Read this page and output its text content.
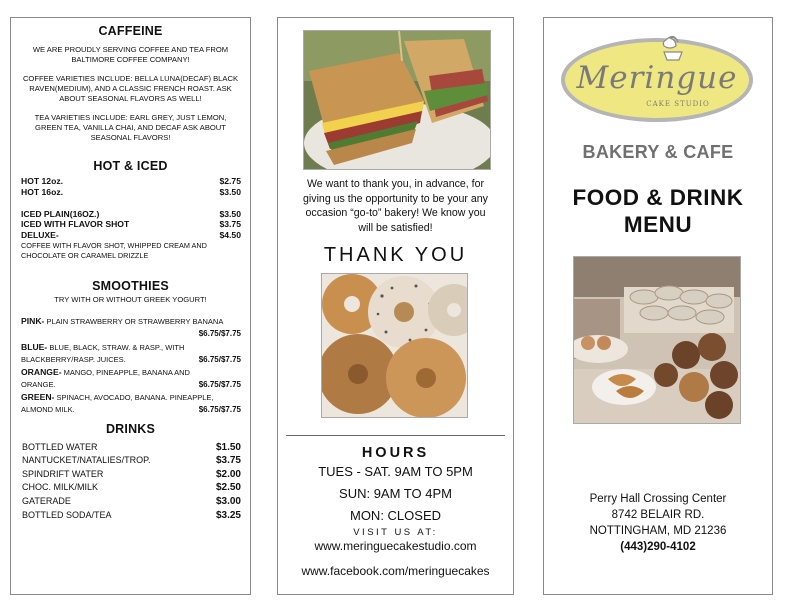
CAFFEINE
WE ARE PROUDLY SERVING COFFEE AND TEA FROM BALTIMORE COFFEE COMPANY!
COFFEE VARIETIES INCLUDE: BELLA LUNA(DECAF) BLACK RAVEN(MEDIUM), AND A CLASSIC FRENCH ROAST. ASK ABOUT SEASONAL FLAVORS AS WELL!
TEA VARIETIES INCLUDE: EARL GREY, JUST LEMON, GREEN TEA, VANILLA CHAI, AND DECAF ASK ABOUT SEASONAL FLAVORS!
HOT & ICED
HOT 12oz.	$2.75
HOT 16oz.	$3.50
ICED PLAIN(16OZ.)	$3.50
ICED WITH FLAVOR SHOT	$3.75
DELUXE-	$4.50
COFFEE WITH FLAVOR SHOT, WHIPPED CREAM AND CHOCOLATE OR CARAMEL DRIZZLE
SMOOTHIES
TRY WITH OR WITHOUT GREEK YOGURT!
PINK- PLAIN STRAWBERRY OR STRAWBERRY BANANA
$6.75/$7.75
BLUE- BLUE, BLACK, STRAW. & RASP., WITH BLACKBERRY/RASP. JUICES.	$6.75/$7.75
ORANGE- MANGO, PINEAPPLE, BANANA AND ORANGE.	$6.75/$7.75
GREEN- SPINACH, AVOCADO, BANANA. PINEAPPLE, ALMOND MILK.	$6.75/$7.75
DRINKS
BOTTLED WATER	$1.50
NANTUCKET/NATALIES/TROP.	$3.75
SPINDRIFT WATER	$2.00
CHOC. MILK/MILK	$2.50
GATERADE	$3.00
BOTTLED SODA/TEA	$3.25
We want to thank you, in advance, for
giving us the opportunity to be your any
occasion “go-to” bakery! We know you
will be satisfied!
THANK YOU
HOURS
TUES - SAT. 9AM TO 5PM
SUN: 9AM TO 4PM
MON: CLOSED
VISIT US AT:
www.meringuecakestudio.com
www.facebook.com/meringuecakes
Meringue
CAKE STUDIO
BAKERY & CAFE
FOOD & DRINK
MENU
Perry Hall Crossing Center
8742 BELAIR RD.
NOTTINGHAM, MD 21236
(443)290-4102
